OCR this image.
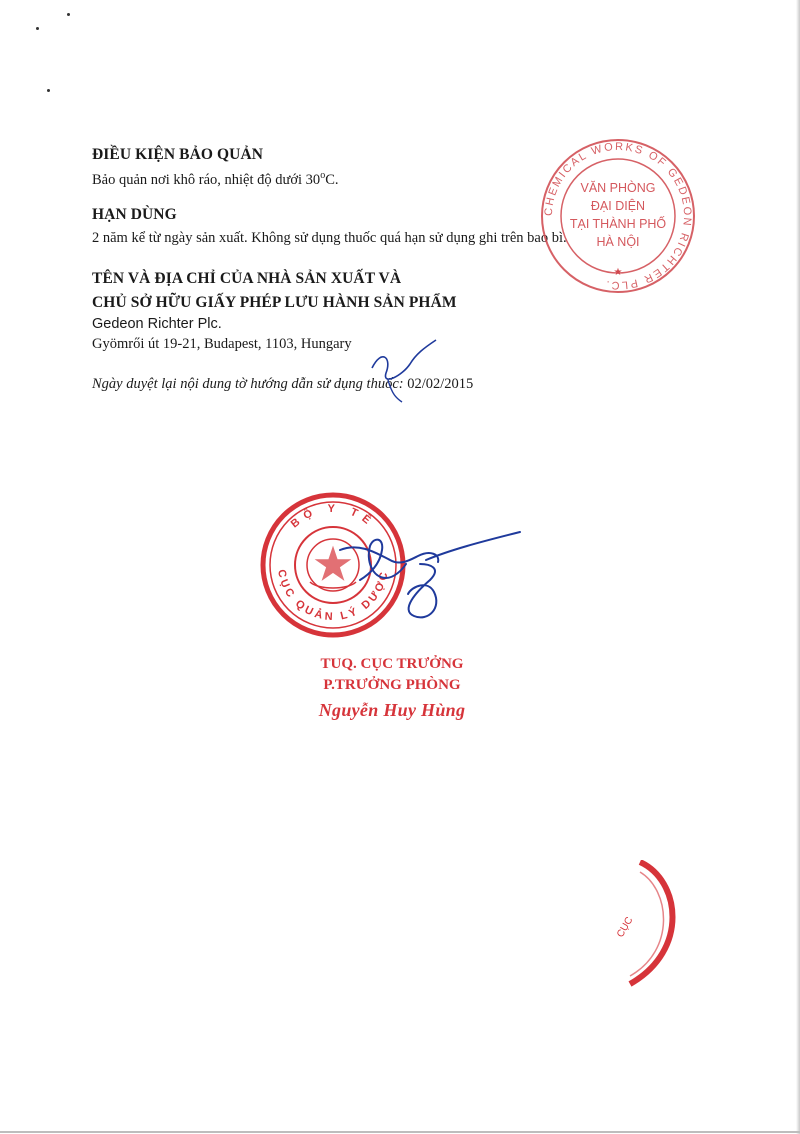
ĐIỀU KIỆN BẢO QUẢN
Bảo quản nơi khô ráo, nhiệt độ dưới 30$^o$C.
HẠN DÙNG
2 năm kể từ ngày sản xuất. Không sử dụng thuốc quá hạn sử dụng ghi trên bao bì.
TÊN VÀ ĐỊA CHỈ CỦA NHÀ SẢN XUẤT VÀ
CHỦ SỞ HỮU GIẤY PHÉP LƯU HÀNH SẢN PHẨM
Gedeon Richter Plc.
Gyömrői út 19-21, Budapest, 1103, Hungary
Ngày duyệt lại nội dung tờ hướng dẫn sử dụng thuốc: 02/02/2015
CHEMICAL WORKS OF GEDEON RICHTER PLC.
VĂN PHÒNG
ĐẠI DIỆN
TẠI THÀNH PHỐ
HÀ NỘI
★
BỘ Y TẾ
CỤC QUẢN LÝ DƯỢC
TUQ. CỤC TRƯỞNG
P.TRƯỞNG PHÒNG
Nguyễn Huy Hùng
CỤC
